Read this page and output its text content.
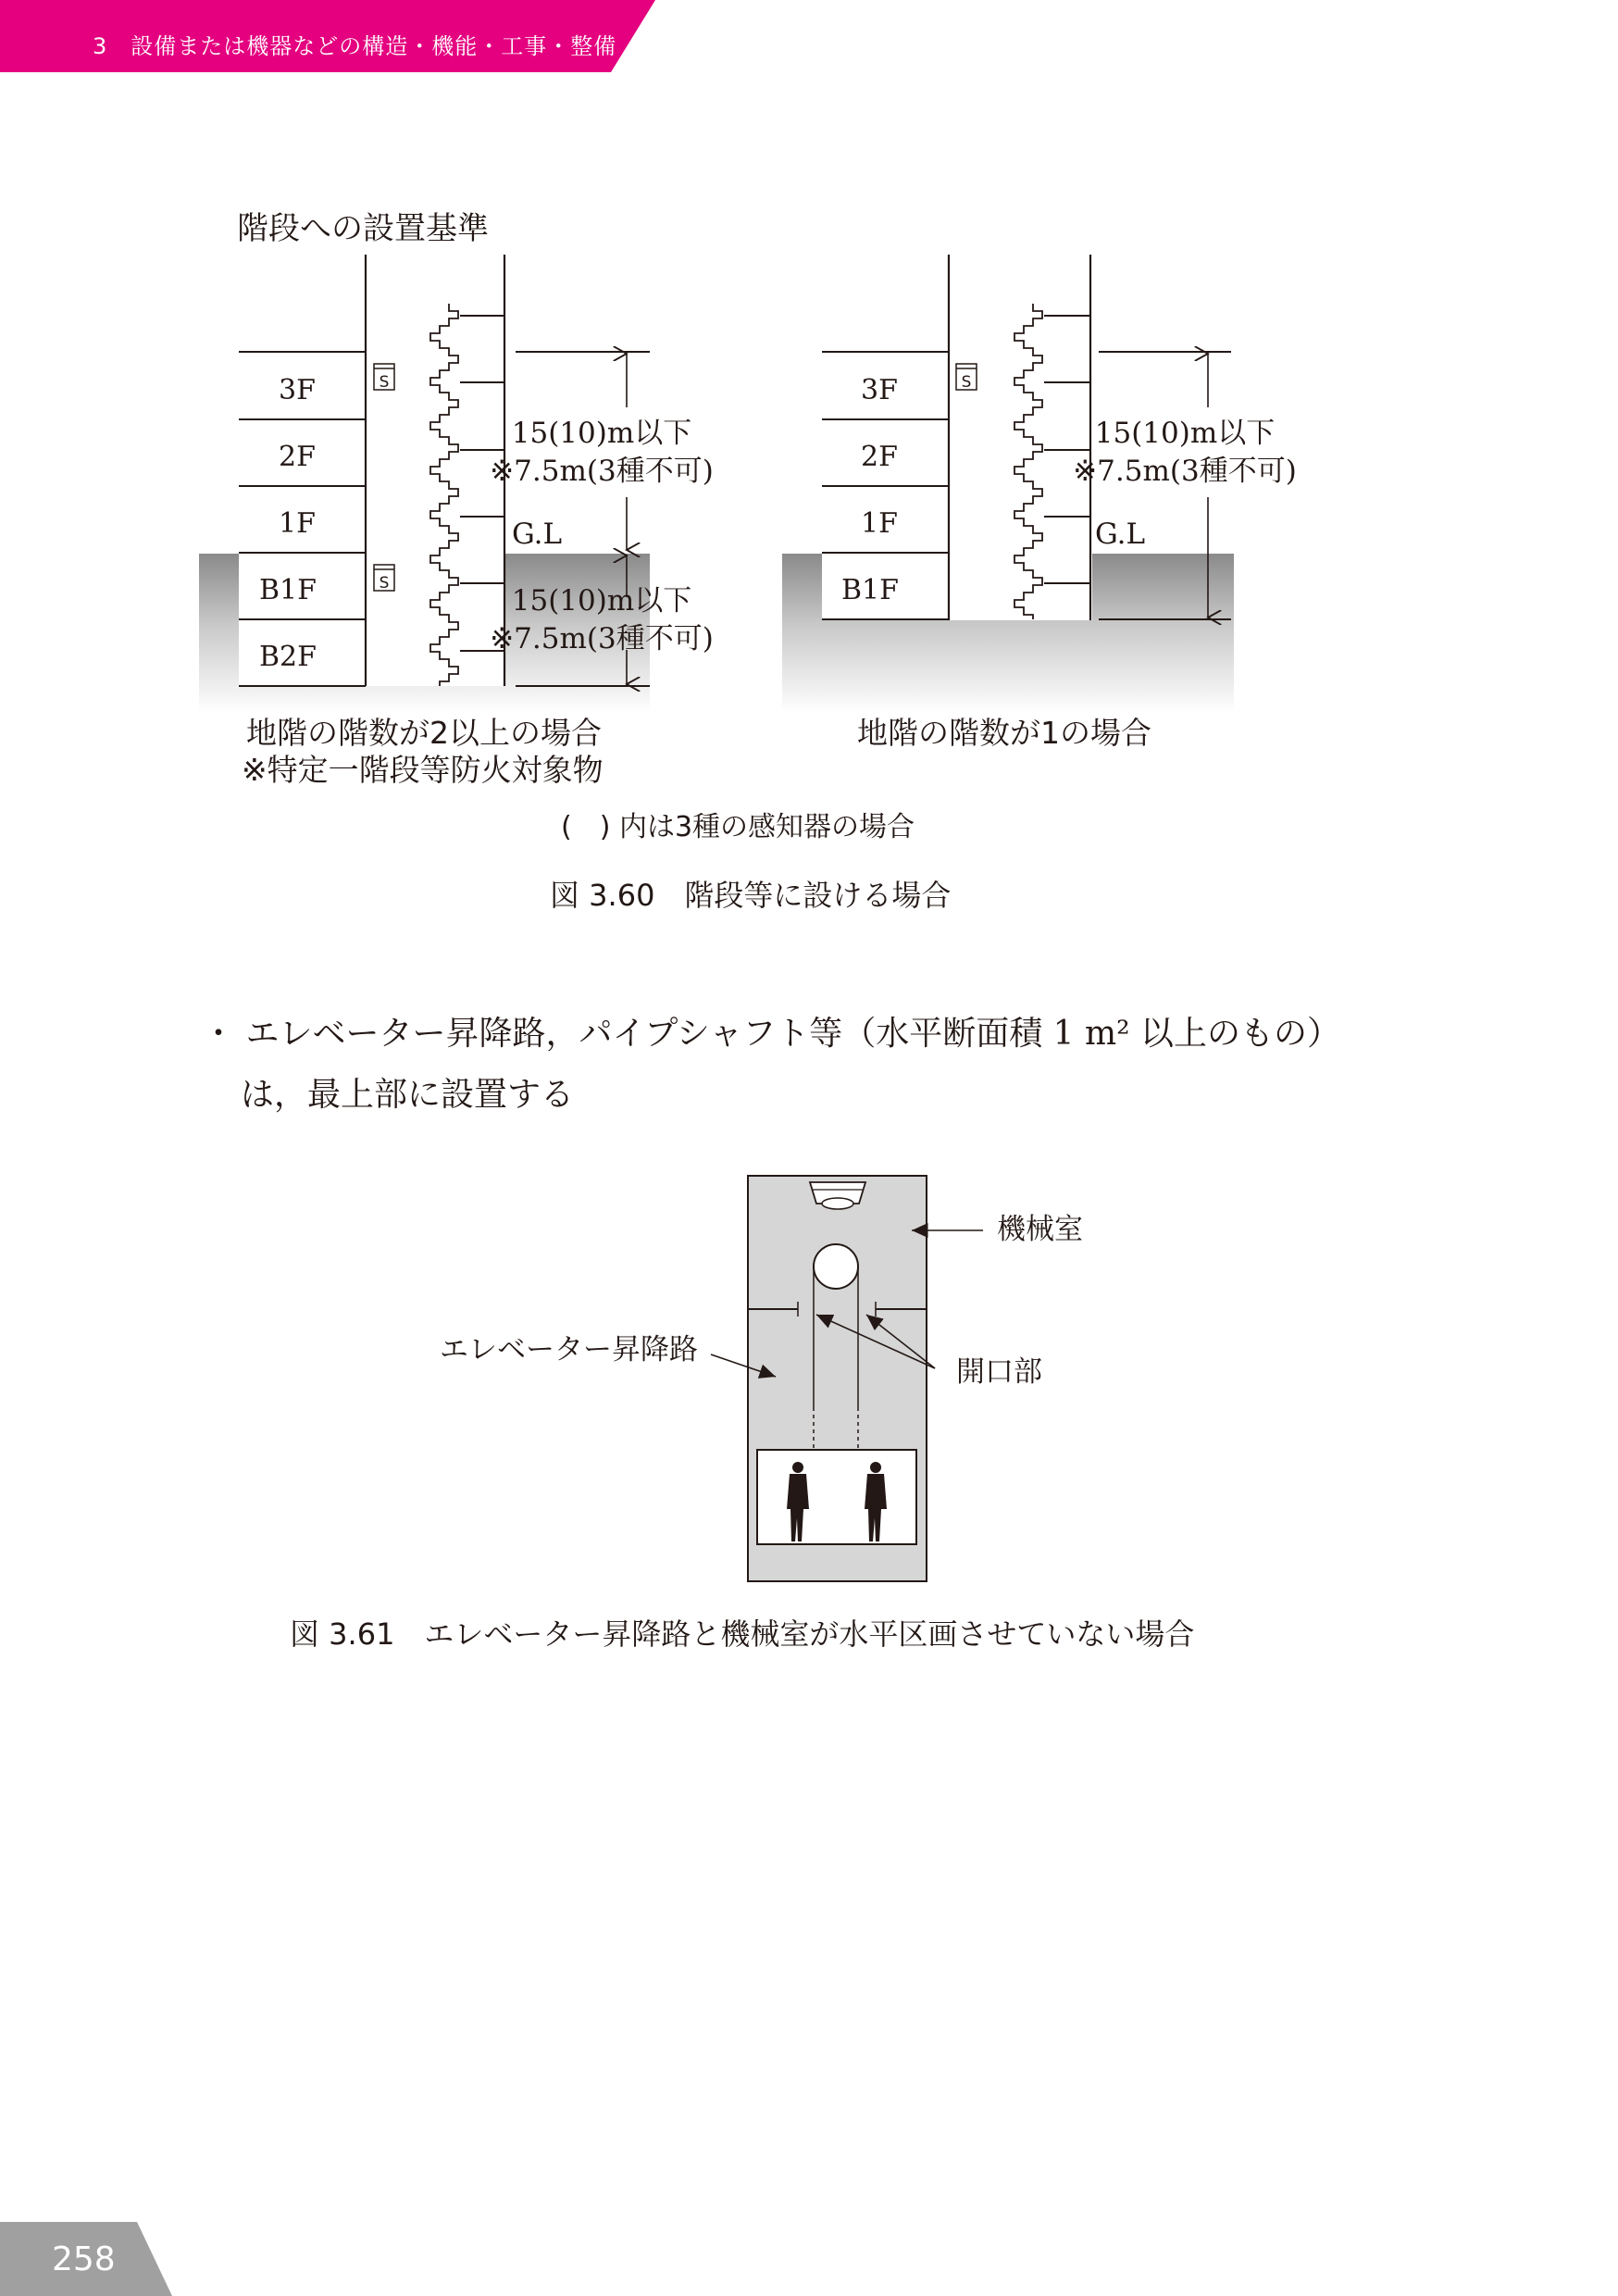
3　設備または機器などの構造・機能・工事・整備
階段への設置基準
3F
2F
1F
B1F
B2F
S
S
15(10)m以下
※7.5m(3種不可)
G.L
15(10)m以下
※7.5m(3種不可)
地階の階数が2以上の場合
※特定一階段等防火対象物
3F
2F
1F
B1F
S
15(10)m以下
※7.5m(3種不可)
G.L
地階の階数が1の場合
(　) 内は3種の感知器の場合
図 3.60　階段等に設ける場合
・ エレベーター昇降路，パイプシャフト等（水平断面積 1 m² 以上のもの）
は，最上部に設置する
機械室
エレベーター昇降路
開口部
図 3.61　エレベーター昇降路と機械室が水平区画させていない場合
258
